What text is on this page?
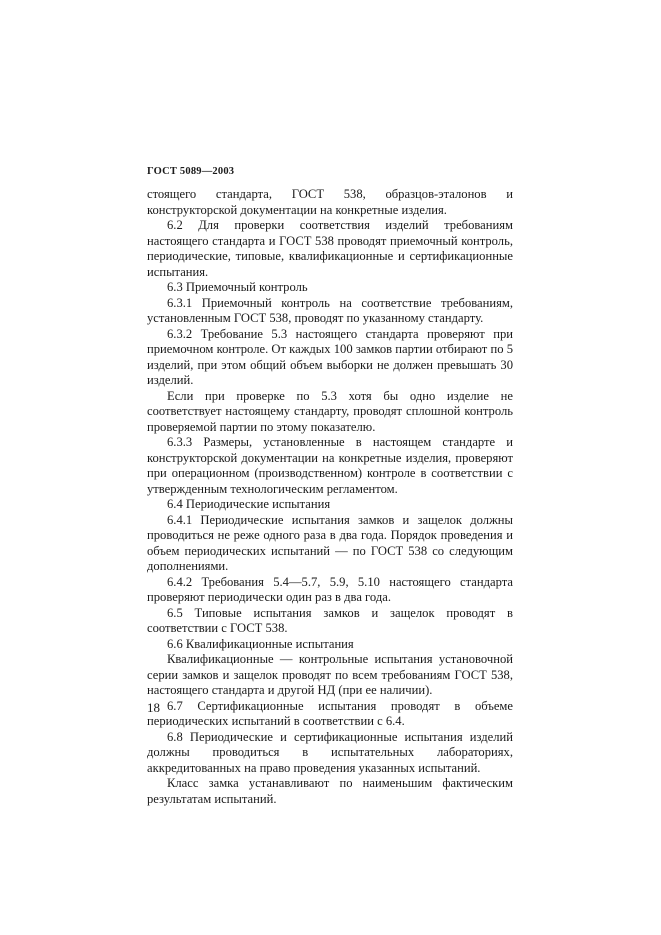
ГОСТ 5089—2003

стоящего стандарта, ГОСТ 538, образцов-эталонов и конструкторской документации на конкретные изделия.

6.2 Для проверки соответствия изделий требованиям настоящего стандарта и ГОСТ 538 проводят приемочный контроль, периодические, типовые, квалификационные и сертификационные испытания.

6.3 Приемочный контроль

6.3.1 Приемочный контроль на соответствие требованиям, установленным ГОСТ 538, проводят по указанному стандарту.

6.3.2 Требование 5.3 настоящего стандарта проверяют при приемочном контроле. От каждых 100 замков партии отбирают по 5 изделий, при этом общий объем выборки не должен превышать 30 изделий.

Если при проверке по 5.3 хотя бы одно изделие не соответствует настоящему стандарту, проводят сплошной контроль проверяемой партии по этому показателю.

6.3.3 Размеры, установленные в настоящем стандарте и конструкторской документации на конкретные изделия, проверяют при операционном (производственном) контроле в соответствии с утвержденным технологическим регламентом.

6.4 Периодические испытания

6.4.1 Периодические испытания замков и защелок должны проводиться не реже одного раза в два года. Порядок проведения и объем периодических испытаний — по ГОСТ 538 со следующим дополнениями.

6.4.2 Требования 5.4—5.7, 5.9, 5.10 настоящего стандарта проверяют периодически один раз в два года.

6.5 Типовые испытания замков и защелок проводят в соответствии с ГОСТ 538.

6.6 Квалификационные испытания

Квалификационные — контрольные испытания установочной серии замков и защелок проводят по всем требованиям ГОСТ 538, настоящего стандарта и другой НД (при ее наличии).

6.7 Сертификационные испытания проводят в объеме периодических испытаний в соответствии с 6.4.

6.8 Периодические и сертификационные испытания изделий должны проводиться в испытательных лабораториях, аккредитованных на право проведения указанных испытаний.

Класс замка устанавливают по наименьшим фактическим результатам испытаний.

18
